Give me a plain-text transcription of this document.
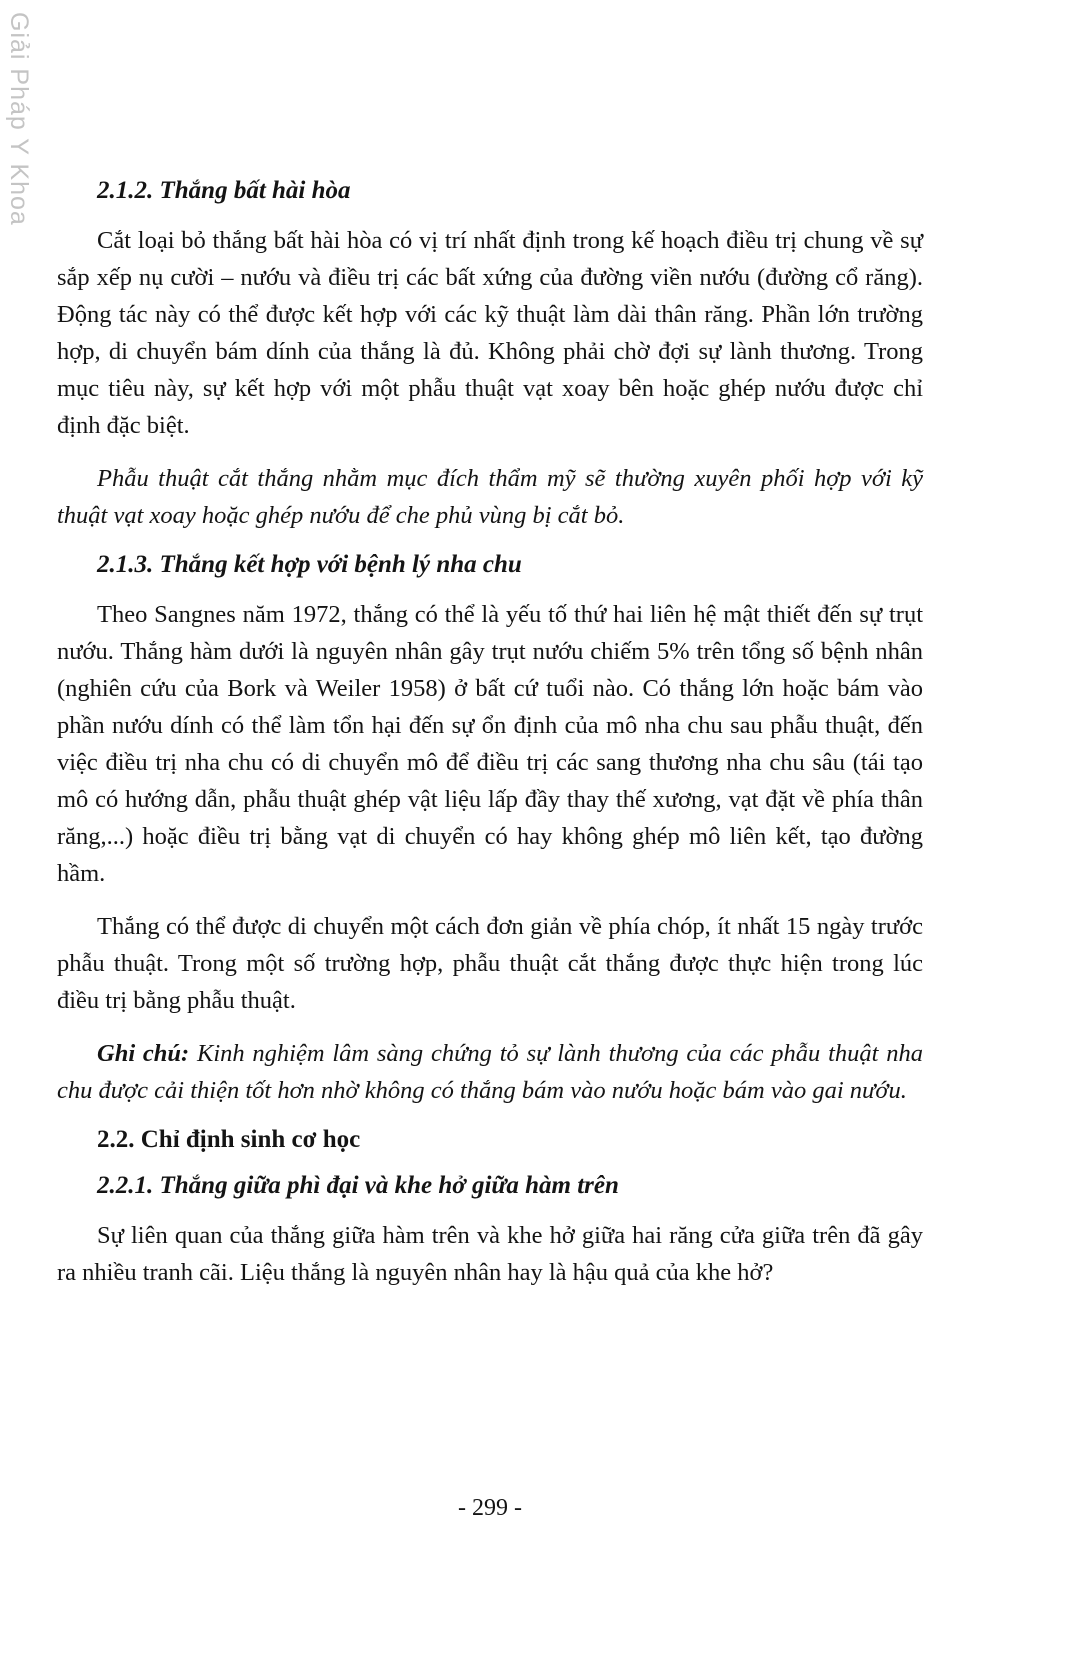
Giải Pháp Y Khoa	2.1.2. Thắng bất hài hòa

Cắt loại bỏ thắng bất hài hòa có vị trí nhất định trong kế hoạch điều trị chung về sự sắp xếp nụ cười – nướu và điều trị các bất xứng của đường viền nướu (đường cổ răng). Động tác này có thể được kết hợp với các kỹ thuật làm dài thân răng. Phần lớn trường hợp, di chuyển bám dính của thắng là đủ. Không phải chờ đợi sự lành thương. Trong mục tiêu này, sự kết hợp với một phẫu thuật vạt xoay bên hoặc ghép nướu được chỉ định đặc biệt.

Phẫu thuật cắt thắng nhằm mục đích thẩm mỹ sẽ thường xuyên phối hợp với kỹ thuật vạt xoay hoặc ghép nướu để che phủ vùng bị cắt bỏ.

2.1.3. Thắng kết hợp với bệnh lý nha chu

Theo Sangnes năm 1972, thắng có thể là yếu tố thứ hai liên hệ mật thiết đến sự trụt nướu. Thắng hàm dưới là nguyên nhân gây trụt nướu chiếm 5% trên tổng số bệnh nhân (nghiên cứu của Bork và Weiler 1958) ở bất cứ tuổi nào. Có thắng lớn hoặc bám vào phần nướu dính có thể làm tổn hại đến sự ổn định của mô nha chu sau phẫu thuật, đến việc điều trị nha chu có di chuyển mô để điều trị các sang thương nha chu sâu (tái tạo mô có hướng dẫn, phẫu thuật ghép vật liệu lấp đầy thay thế xương, vạt đặt về phía thân răng,...) hoặc điều trị bằng vạt di chuyển có hay không ghép mô liên kết, tạo đường hầm.

Thắng có thể được di chuyển một cách đơn giản về phía chóp, ít nhất 15 ngày trước phẫu thuật. Trong một số trường hợp, phẫu thuật cắt thắng được thực hiện trong lúc điều trị bằng phẫu thuật.

Ghi chú: Kinh nghiệm lâm sàng chứng tỏ sự lành thương của các phẫu thuật nha chu được cải thiện tốt hơn nhờ không có thắng bám vào nướu hoặc bám vào gai nướu.

2.2. Chỉ định sinh cơ học
2.2.1. Thắng giữa phì đại và khe hở giữa hàm trên

Sự liên quan của thắng giữa hàm trên và khe hở giữa hai răng cửa giữa trên đã gây ra nhiều tranh cãi. Liệu thắng là nguyên nhân hay là hậu quả của khe hở?

- 299 -
